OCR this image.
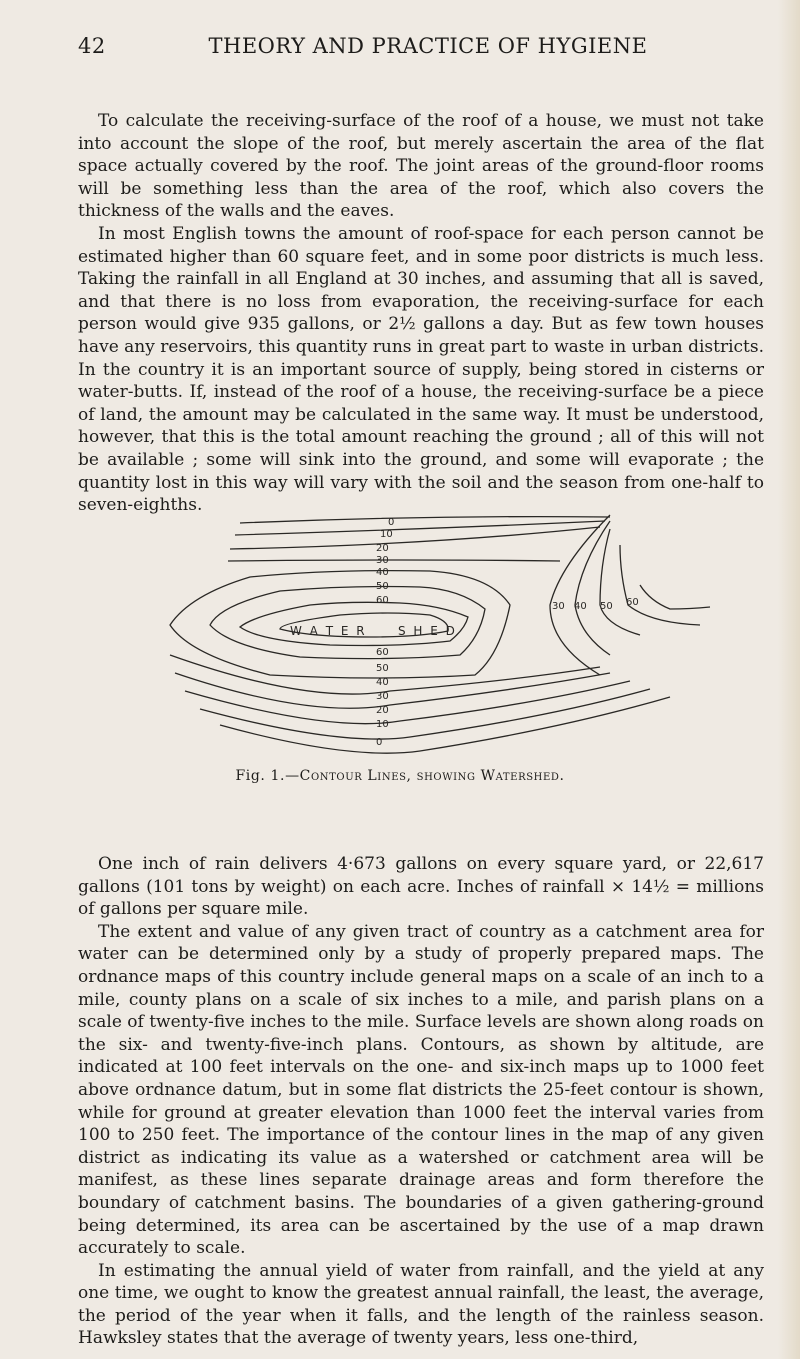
42	THEORY AND PRACTICE OF HYGIENE

To calculate the receiving-surface of the roof of a house, we must not take into account the slope of the roof, but merely ascertain the area of the flat space actually covered by the roof. The joint areas of the ground-floor rooms will be something less than the area of the roof, which also covers the thickness of the walls and the eaves.

In most English towns the amount of roof-space for each person cannot be estimated higher than 60 square feet, and in some poor districts is much less. Taking the rainfall in all England at 30 inches, and assuming that all is saved, and that there is no loss from evaporation, the receiving-surface for each person would give 935 gallons, or 2½ gallons a day. But as few town houses have any reservoirs, this quantity runs in great part to waste in urban districts. In the country it is an important source of supply, being stored in cisterns or water-butts. If, instead of the roof of a house, the receiving-surface be a piece of land, the amount may be calculated in the same way. It must be understood, however, that this is the total amount reaching the ground ; all of this will not be available ; some will sink into the ground, and some will evaporate ; the quantity lost in this way will vary with the soil and the season from one-half to seven-eighths.

0
10
20
30
40
50
60
60
50
40
30
20
10
0
30 40 50 60
W A T E R	S H E D
Fig. 1.—Contour Lines, showing Watershed.

One inch of rain delivers 4·673 gallons on every square yard, or 22,617 gallons (101 tons by weight) on each acre. Inches of rainfall × 14½ = millions of gallons per square mile.

The extent and value of any given tract of country as a catchment area for water can be determined only by a study of properly prepared maps. The ordnance maps of this country include general maps on a scale of an inch to a mile, county plans on a scale of six inches to a mile, and parish plans on a scale of twenty-five inches to the mile. Surface levels are shown along roads on the six- and twenty-five-inch plans. Contours, as shown by altitude, are indicated at 100 feet intervals on the one- and six-inch maps up to 1000 feet above ordnance datum, but in some flat districts the 25-feet contour is shown, while for ground at greater elevation than 1000 feet the interval varies from 100 to 250 feet. The importance of the contour lines in the map of any given district as indicating its value as a watershed or catchment area will be manifest, as these lines separate drainage areas and form therefore the boundary of catchment basins. The boundaries of a given gathering-ground being determined, its area can be ascertained by the use of a map drawn accurately to scale.

In estimating the annual yield of water from rainfall, and the yield at any one time, we ought to know the greatest annual rainfall, the least, the average, the period of the year when it falls, and the length of the rainless season. Hawksley states that the average of twenty years, less one-third,
